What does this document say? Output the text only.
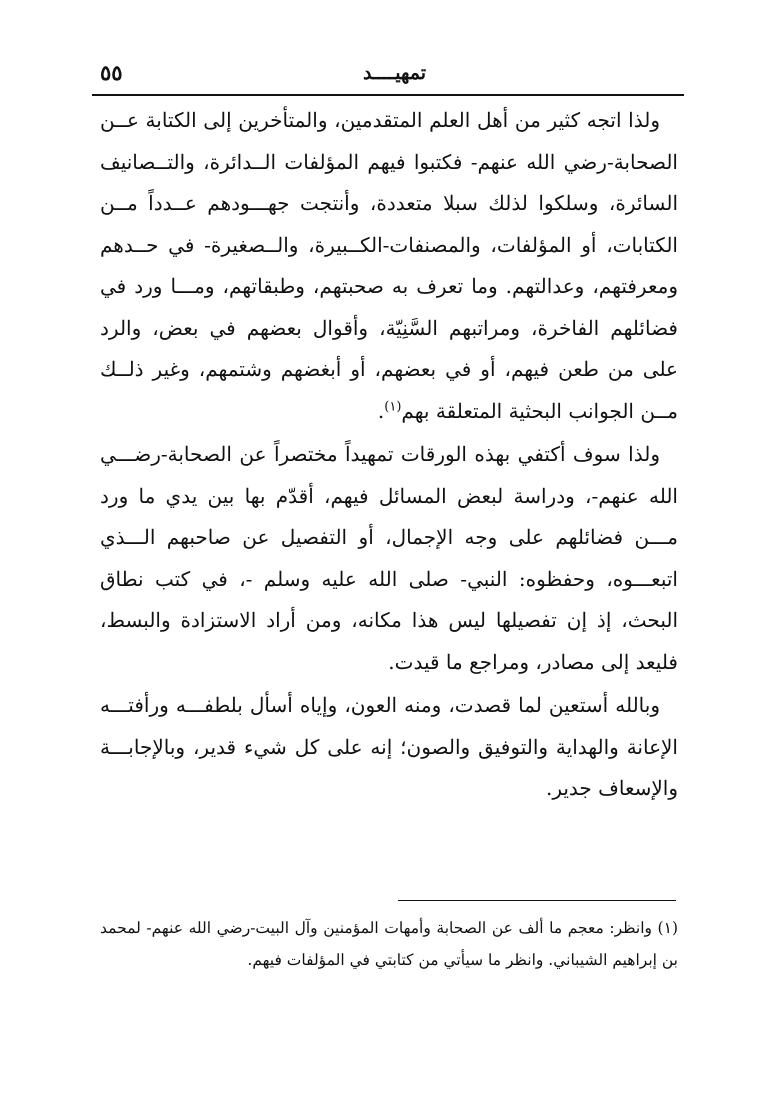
تمهيــــد
٥٥

ولذا اتجه كثير من أهل العلم المتقدمين، والمتأخرين إلى الكتابة عــن الصحابة-رضي الله عنهم- فكتبوا فيهم المؤلفات الــدائرة، والتــصانيف السائرة، وسلكوا لذلك سبلا متعددة، وأنتجت جهـــودهم عــدداً مــن الكتابات، أو المؤلفات، والمصنفات-الكــبيرة، والــصغيرة- في حــدهم ومعرفتهم، وعدالتهم. وما تعرف به صحبتهم، وطبقاتهم، ومـــا ورد في فضائلهم الفاخرة، ومراتبهم السَّنِيّة، وأقوال بعضهم في بعض، والرد على من طعن فيهم، أو في بعضهم، أو أبغضهم وشتمهم، وغير ذلــك مــن الجوانب البحثية المتعلقة بهم$^{(١)}$.

ولذا سوف أكتفي بهذه الورقات تمهيداً مختصراً عن الصحابة-رضـــي الله عنهم-، ودراسة لبعض المسائل فيهم، أقدّم بها بين يدي ما ورد مـــن فضائلهم على وجه الإجمال، أو التفصيل عن صاحبهم الـــذي اتبعـــوه، وحفظوه: النبي- صلى الله عليه وسلم -، في كتب نطاق البحث، إذ إن تفصيلها ليس هذا مكانه، ومن أراد الاستزادة والبسط، فليعد إلى مصادر، ومراجع ما قيدت.

وبالله أستعين لما قصدت، ومنه العون، وإياه أسأل بلطفـــه ورأفتـــه الإعانة والهداية والتوفيق والصون؛ إنه على كل شيء قدير، وبالإجابـــة والإسعاف جدير.

(١) وانظر: معجم ما ألف عن الصحابة وأمهات المؤمنين وآل البيت-رضي الله عنهم- لمحمد بن إبراهيم الشيباني. وانظر ما سيأتي من كتابتي في المؤلفات فيهم.
